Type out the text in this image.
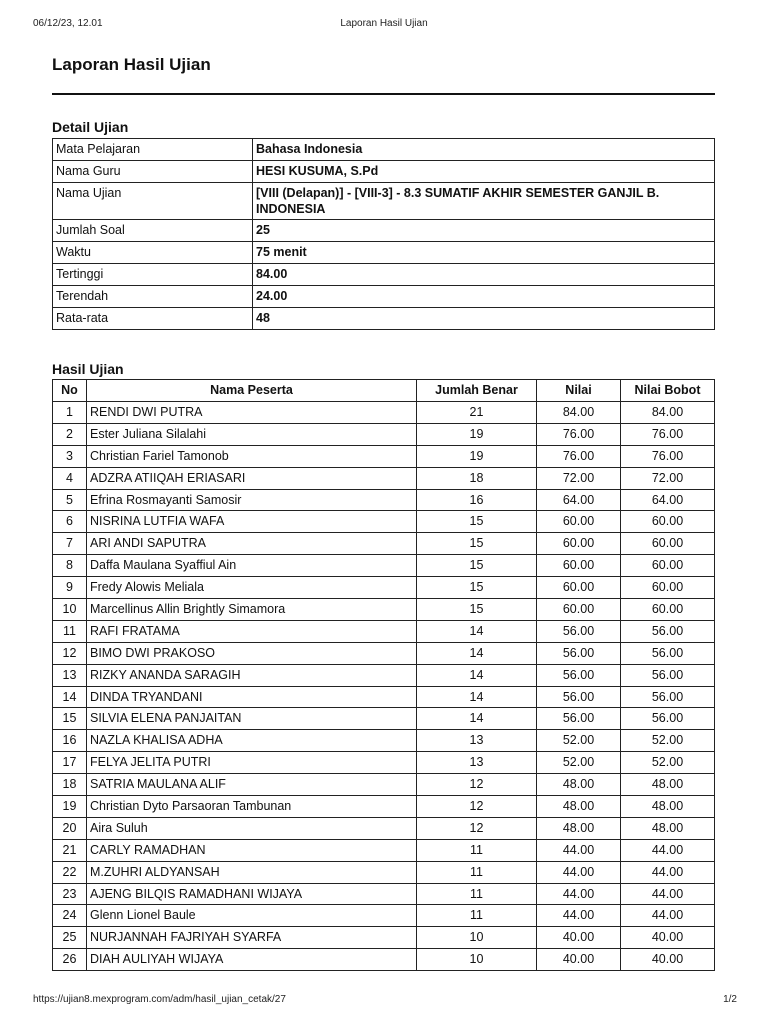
06/12/23, 12.01	Laporan Hasil Ujian
Laporan Hasil Ujian
Detail Ujian
Mata Pelajaran	Bahasa Indonesia
Nama Guru	HESI KUSUMA, S.Pd
Nama Ujian	[VIII (Delapan)] - [VIII-3] - 8.3 SUMATIF AKHIR SEMESTER GANJIL B. INDONESIA
Jumlah Soal	25
Waktu	75 menit
Tertinggi	84.00
Terendah	24.00
Rata-rata	48
Hasil Ujian
No	Nama Peserta	Jumlah Benar	Nilai	Nilai Bobot
1	RENDI DWI PUTRA	21	84.00	84.00
2	Ester Juliana Silalahi	19	76.00	76.00
3	Christian Fariel Tamonob	19	76.00	76.00
4	ADZRA ATIIQAH ERIASARI	18	72.00	72.00
5	Efrina Rosmayanti Samosir	16	64.00	64.00
6	NISRINA LUTFIA WAFA	15	60.00	60.00
7	ARI ANDI SAPUTRA	15	60.00	60.00
8	Daffa Maulana Syaffiul Ain	15	60.00	60.00
9	Fredy Alowis Meliala	15	60.00	60.00
10	Marcellinus Allin Brightly Simamora	15	60.00	60.00
11	RAFI FRATAMA	14	56.00	56.00
12	BIMO DWI PRAKOSO	14	56.00	56.00
13	RIZKY ANANDA SARAGIH	14	56.00	56.00
14	DINDA TRYANDANI	14	56.00	56.00
15	SILVIA ELENA PANJAITAN	14	56.00	56.00
16	NAZLA KHALISA ADHA	13	52.00	52.00
17	FELYA JELITA PUTRI	13	52.00	52.00
18	SATRIA MAULANA ALIF	12	48.00	48.00
19	Christian Dyto Parsaoran Tambunan	12	48.00	48.00
20	Aira Suluh	12	48.00	48.00
21	CARLY RAMADHAN	11	44.00	44.00
22	M.ZUHRI ALDYANSAH	11	44.00	44.00
23	AJENG BILQIS RAMADHANI WIJAYA	11	44.00	44.00
24	Glenn Lionel Baule	11	44.00	44.00
25	NURJANNAH FAJRIYAH SYARFA	10	40.00	40.00
26	DIAH AULIYAH WIJAYA	10	40.00	40.00
https://ujian8.mexprogram.com/adm/hasil_ujian_cetak/27	1/2
